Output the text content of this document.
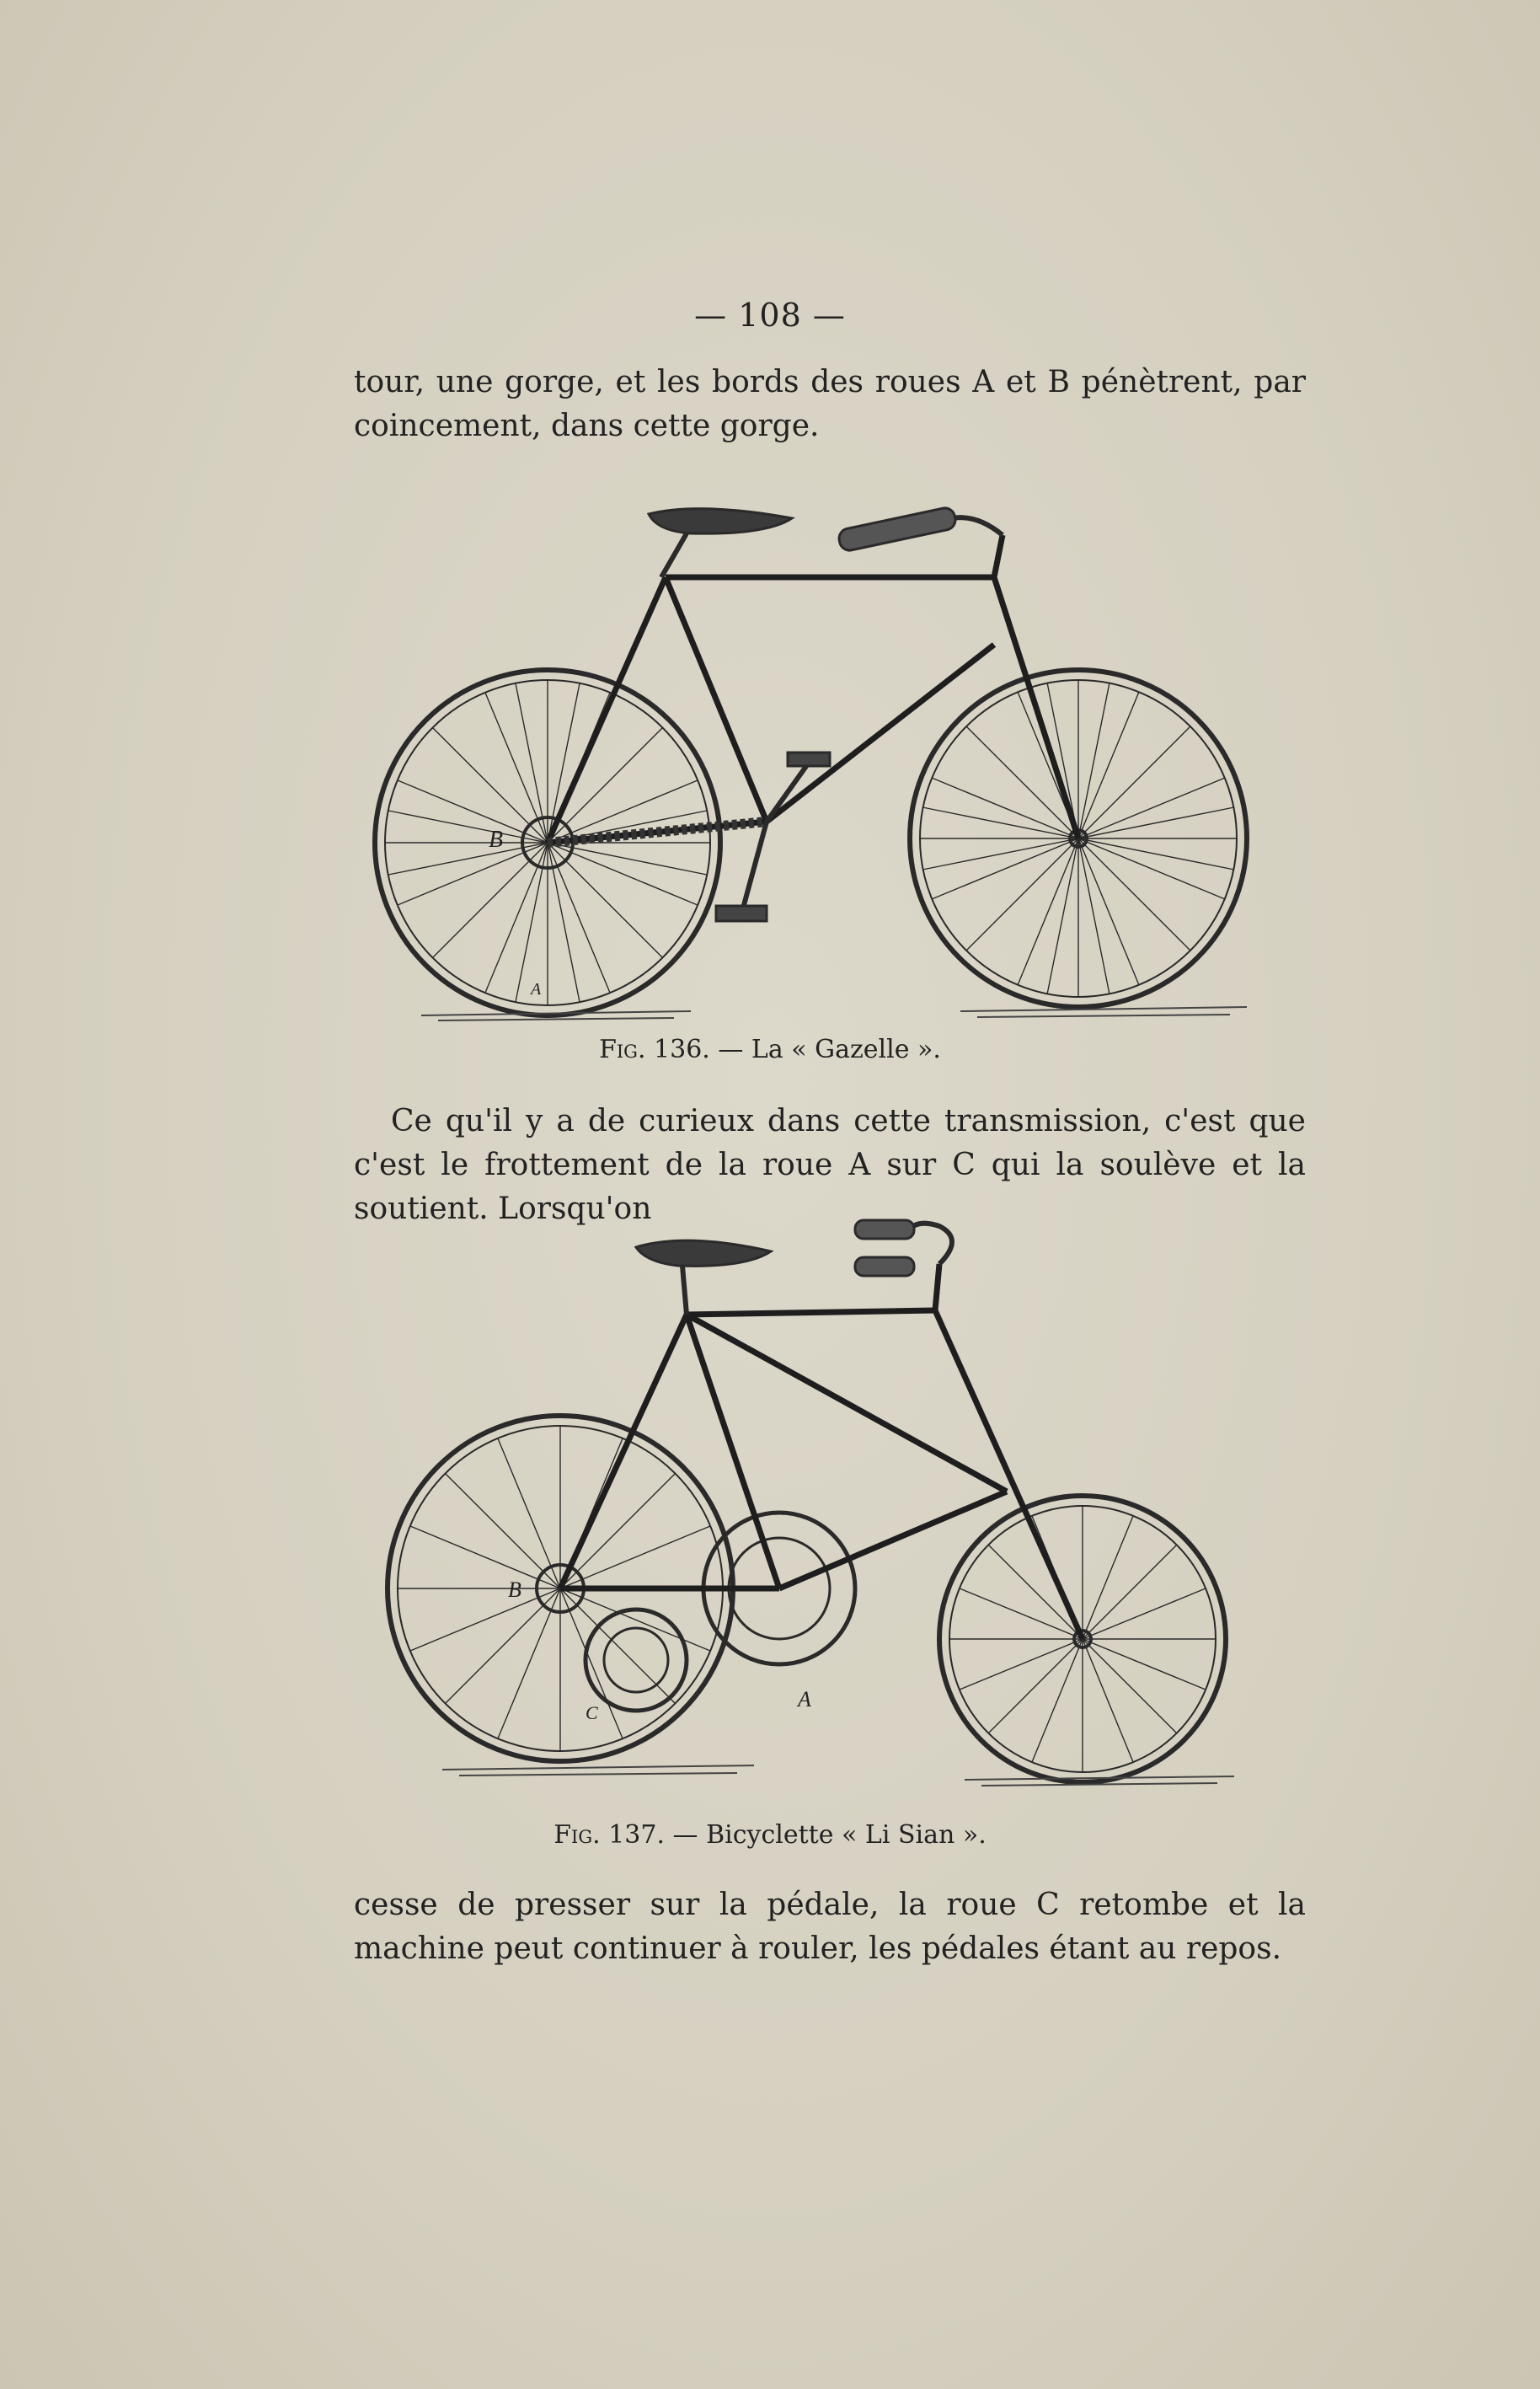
— 108 —

tour, une gorge, et les bords des roues A et B pénètrent, par coincement, dans cette gorge.

B
A
Fig. 136. — La « Gazelle ».

Ce qu'il y a de curieux dans cette transmission, c'est que c'est le frottement de la roue A sur C qui la soulève et la soutient. Lorsqu'on

B
C
A
Fig. 137. — Bicyclette « Li Sian ».

cesse de presser sur la pédale, la roue C retombe et la machine peut continuer à rouler, les pédales étant au repos.
